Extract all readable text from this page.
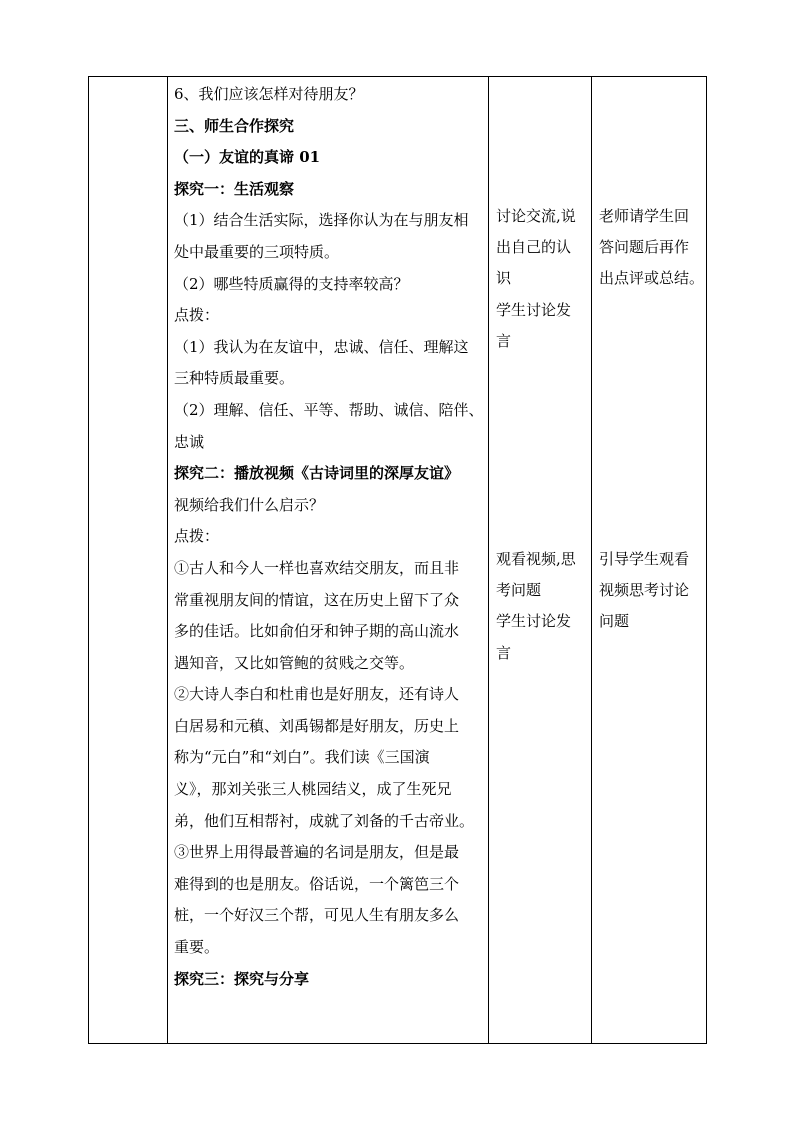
6、我们应该怎样对待朋友？
三、师生合作探究
（一）友谊的真谛 01
探究一：生活观察
（1）结合生活实际，选择你认为在与朋友相
处中最重要的三项特质。
（2）哪些特质赢得的支持率较高？
点拨：
（1）我认为在友谊中，忠诚、信任、理解这
三种特质最重要。
（2）理解、信任、平等、帮助、诚信、陪伴、
忠诚
探究二：播放视频《古诗词里的深厚友谊》
视频给我们什么启示？
点拨：
①古人和今人一样也喜欢结交朋友，而且非
常重视朋友间的情谊，这在历史上留下了众
多的佳话。比如俞伯牙和钟子期的高山流水
遇知音，又比如管鲍的贫贱之交等。
②大诗人李白和杜甫也是好朋友，还有诗人
白居易和元稹、刘禹锡都是好朋友，历史上
称为“元白”和“刘白”。我们读《三国演
义》，那刘关张三人桃园结义，成了生死兄
弟，他们互相帮衬，成就了刘备的千古帝业。
③世界上用得最普遍的名词是朋友，但是最
难得到的也是朋友。俗话说，一个篱笆三个
桩，一个好汉三个帮，可见人生有朋友多么
重要。
探究三：探究与分享
讨论交流,说
出自己的认
识
学生讨论发
言
观看视频,思
考问题
学生讨论发
言
老师请学生回
答问题后再作
出点评或总结。
引导学生观看
视频思考讨论
问题
